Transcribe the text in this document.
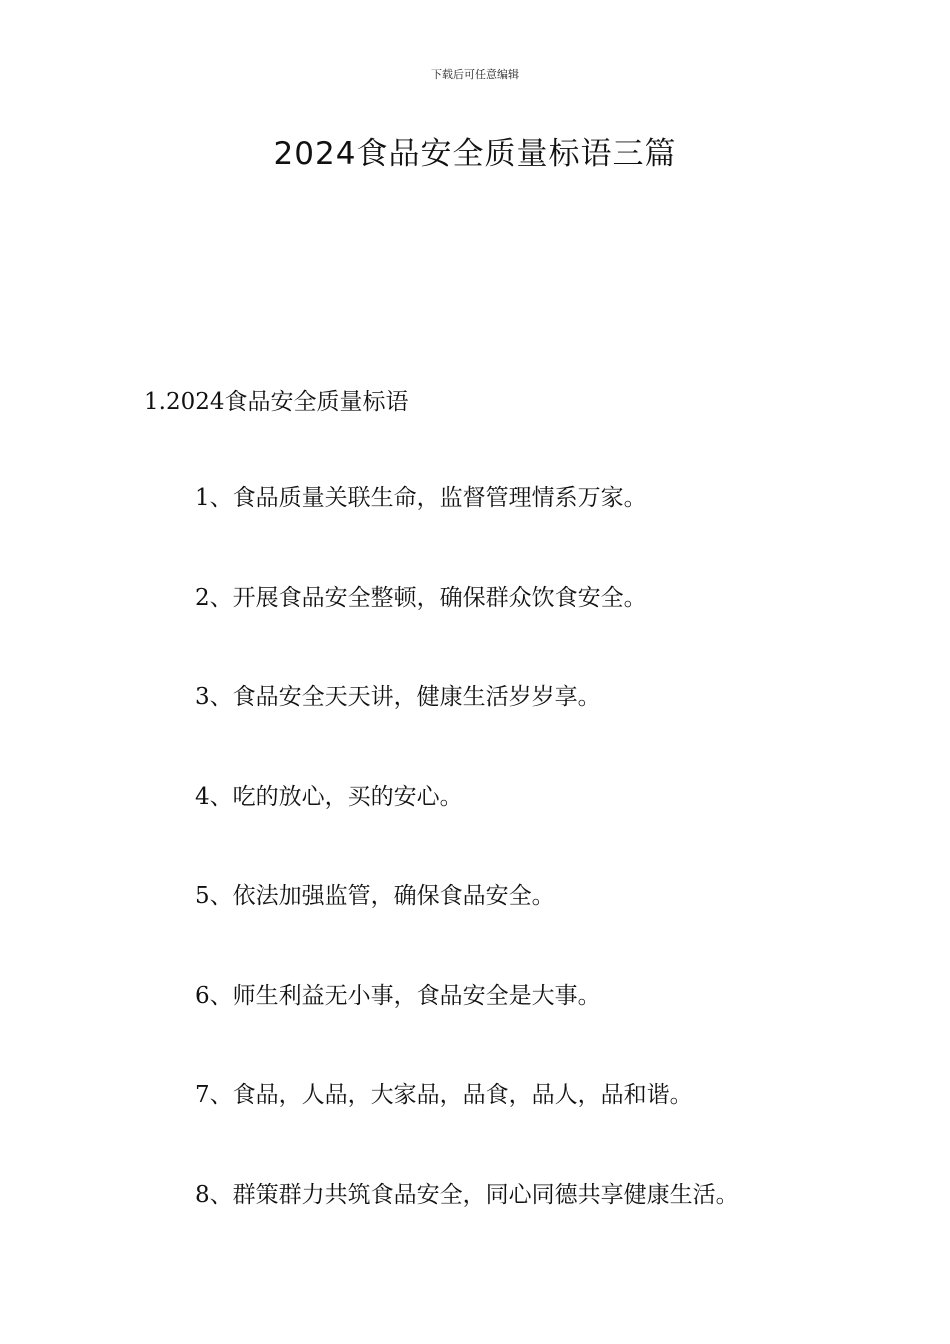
下载后可任意编辑
2024食品安全质量标语三篇
1.2024食品安全质量标语
1、食品质量关联生命，监督管理情系万家。
2、开展食品安全整顿，确保群众饮食安全。
3、食品安全天天讲，健康生活岁岁享。
4、吃的放心，买的安心。
5、依法加强监管，确保食品安全。
6、师生利益无小事，食品安全是大事。
7、食品，人品，大家品，品食，品人，品和谐。
8、群策群力共筑食品安全，同心同德共享健康生活。
